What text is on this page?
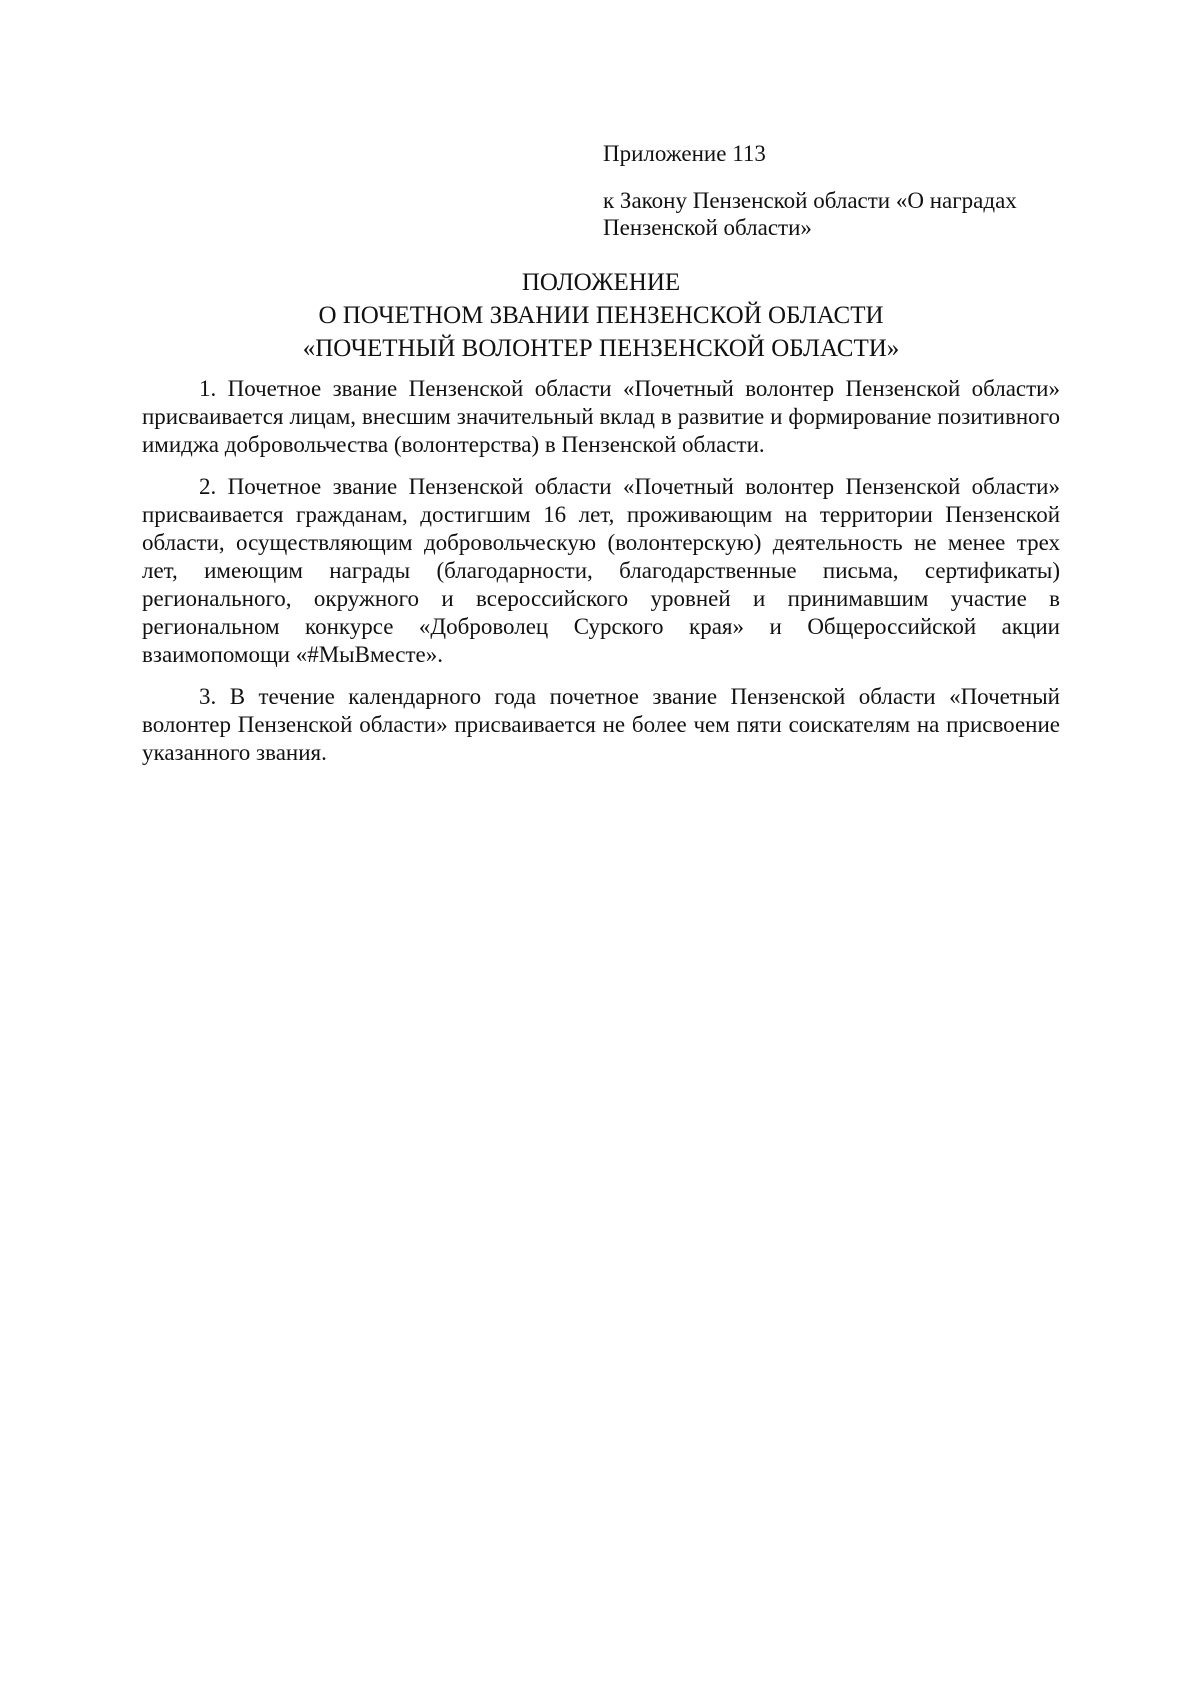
Приложение 113
к Закону Пензенской области «О наградах
Пензенской области»
ПОЛОЖЕНИЕ
О ПОЧЕТНОМ ЗВАНИИ ПЕНЗЕНСКОЙ ОБЛАСТИ
«ПОЧЕТНЫЙ ВОЛОНТЕР ПЕНЗЕНСКОЙ ОБЛАСТИ»

1. Почетное звание Пензенской области «Почетный волонтер Пензенской области» присваивается лицам, внесшим значительный вклад в развитие и формирование позитивного имиджа добровольчества (волонтерства) в Пензенской области.

2. Почетное звание Пензенской области «Почетный волонтер Пензенской области» присваивается гражданам, достигшим 16 лет, проживающим на территории Пензенской области, осуществляющим добровольческую (волонтерскую) деятельность не менее трех лет, имеющим награды (благодарности, благодарственные письма, сертификаты) регионального, окружного и всероссийского уровней и принимавшим участие в региональном конкурсе «Доброволец Сурского края» и Общероссийской акции взаимопомощи «#МыВместе».

3. В течение календарного года почетное звание Пензенской области «Почетный волонтер Пензенской области» присваивается не более чем пяти соискателям на присвоение указанного звания.
